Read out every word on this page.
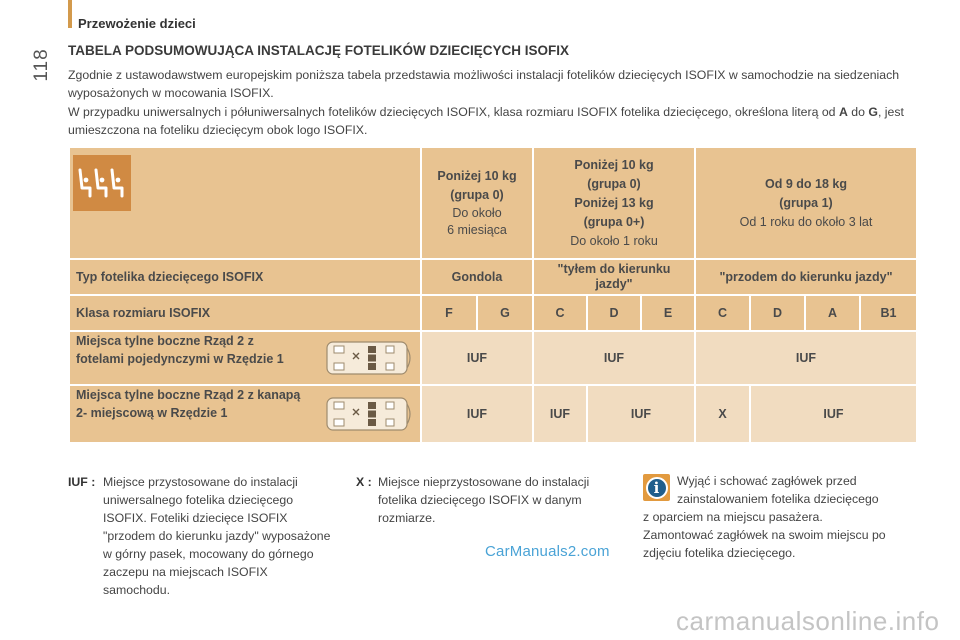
Przewożenie dzieci
118 TABELA PODSUMOWUJĄCA INSTALACJĘ FOTELIKÓW DZIECIĘCYCH ISOFIX
Zgodnie z ustawodawstwem europejskim poniższa tabela przedstawia możliwości instalacji fotelików dziecięcych ISOFIX w samochodzie na siedzeniach wyposażonych w mocowania ISOFIX.
W przypadku uniwersalnych i półuniwersalnych fotelików dziecięcych ISOFIX, klasa rozmiaru ISOFIX fotelika dziecięcego, określona literą od A do G, jest umieszczona na foteliku dziecięcym obok logo ISOFIX.
Poniżej 10 kg
(grupa 0)
Do około
6 miesiąca
Poniżej 10 kg
(grupa 0)
Poniżej 13 kg
(grupa 0+)
Do około 1 roku
Od 9 do 18 kg
(grupa 1)
Od 1 roku do około 3 lat
Typ fotelika dziecięcego ISOFIX	Gondola
"tyłem do kierunku jazdy"	"przodem do kierunku jazdy"
Klasa rozmiaru ISOFIX	F	G	C	D	E	C	D	A	B1
Miejsca tylne boczne Rząd 2 z
fotelami pojedynczymi w Rzędzie 1	IUF	IUF	IUF
Miejsca tylne boczne Rząd 2 z kanapą
2- miejscową w Rzędzie 1	IUF	IUF	IUF	X	IUF
IUF : Miejsce przystosowane do instalacji uniwersalnego fotelika dziecięcego ISOFIX. Foteliki dziecięce ISOFIX "przodem do kierunku jazdy" wyposażone w górny pasek, mocowany do górnego zaczepu na miejscach ISOFIX samochodu.
X : Miejsce nieprzystosowane do instalacji fotelika dziecięcego ISOFIX w danym rozmiarze.
i	Wyjąć i schować zagłówek przed zainstalowaniem fotelika dziecięcego
z oparciem na miejscu pasażera.
Zamontować zagłówek na swoim miejscu po zdjęciu fotelika dziecięcego.
CarManuals2.com
carmanualsonline.info
